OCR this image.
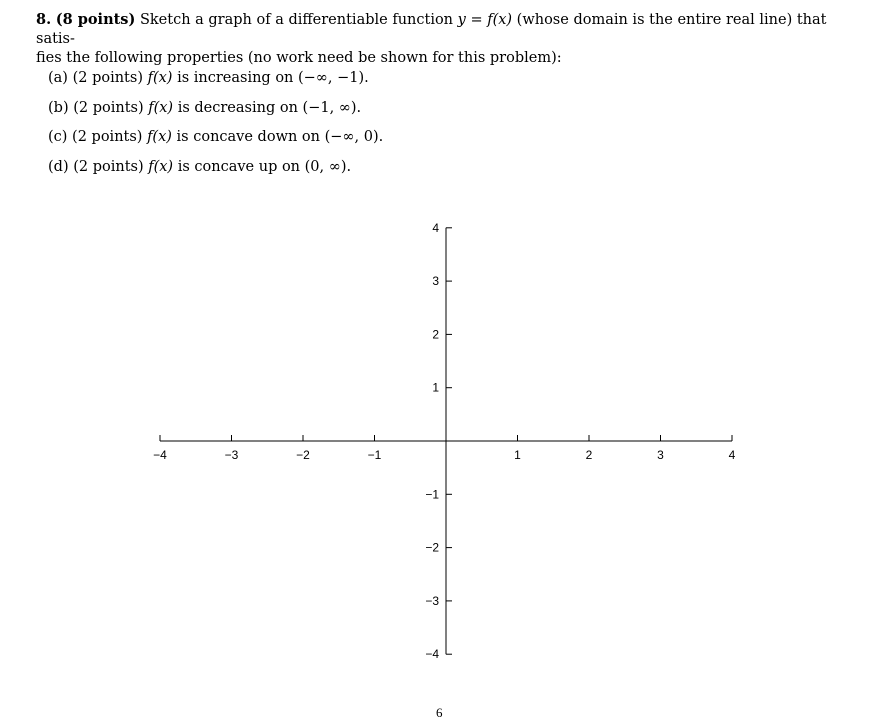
8. (8 points) Sketch a graph of a differentiable function y = f(x) (whose domain is the entire real line) that satis-
fies the following properties (no work need be shown for this problem):
(a) (2 points) f(x) is increasing on (−∞, −1).
(b) (2 points) f(x) is decreasing on (−1, ∞).
(c) (2 points) f(x) is concave down on (−∞, 0).
(d) (2 points) f(x) is concave up on (0, ∞).
−4	−3	−2	−1	1	2	3	4
4
3
2
1
−1
−2
−3
−4
6
